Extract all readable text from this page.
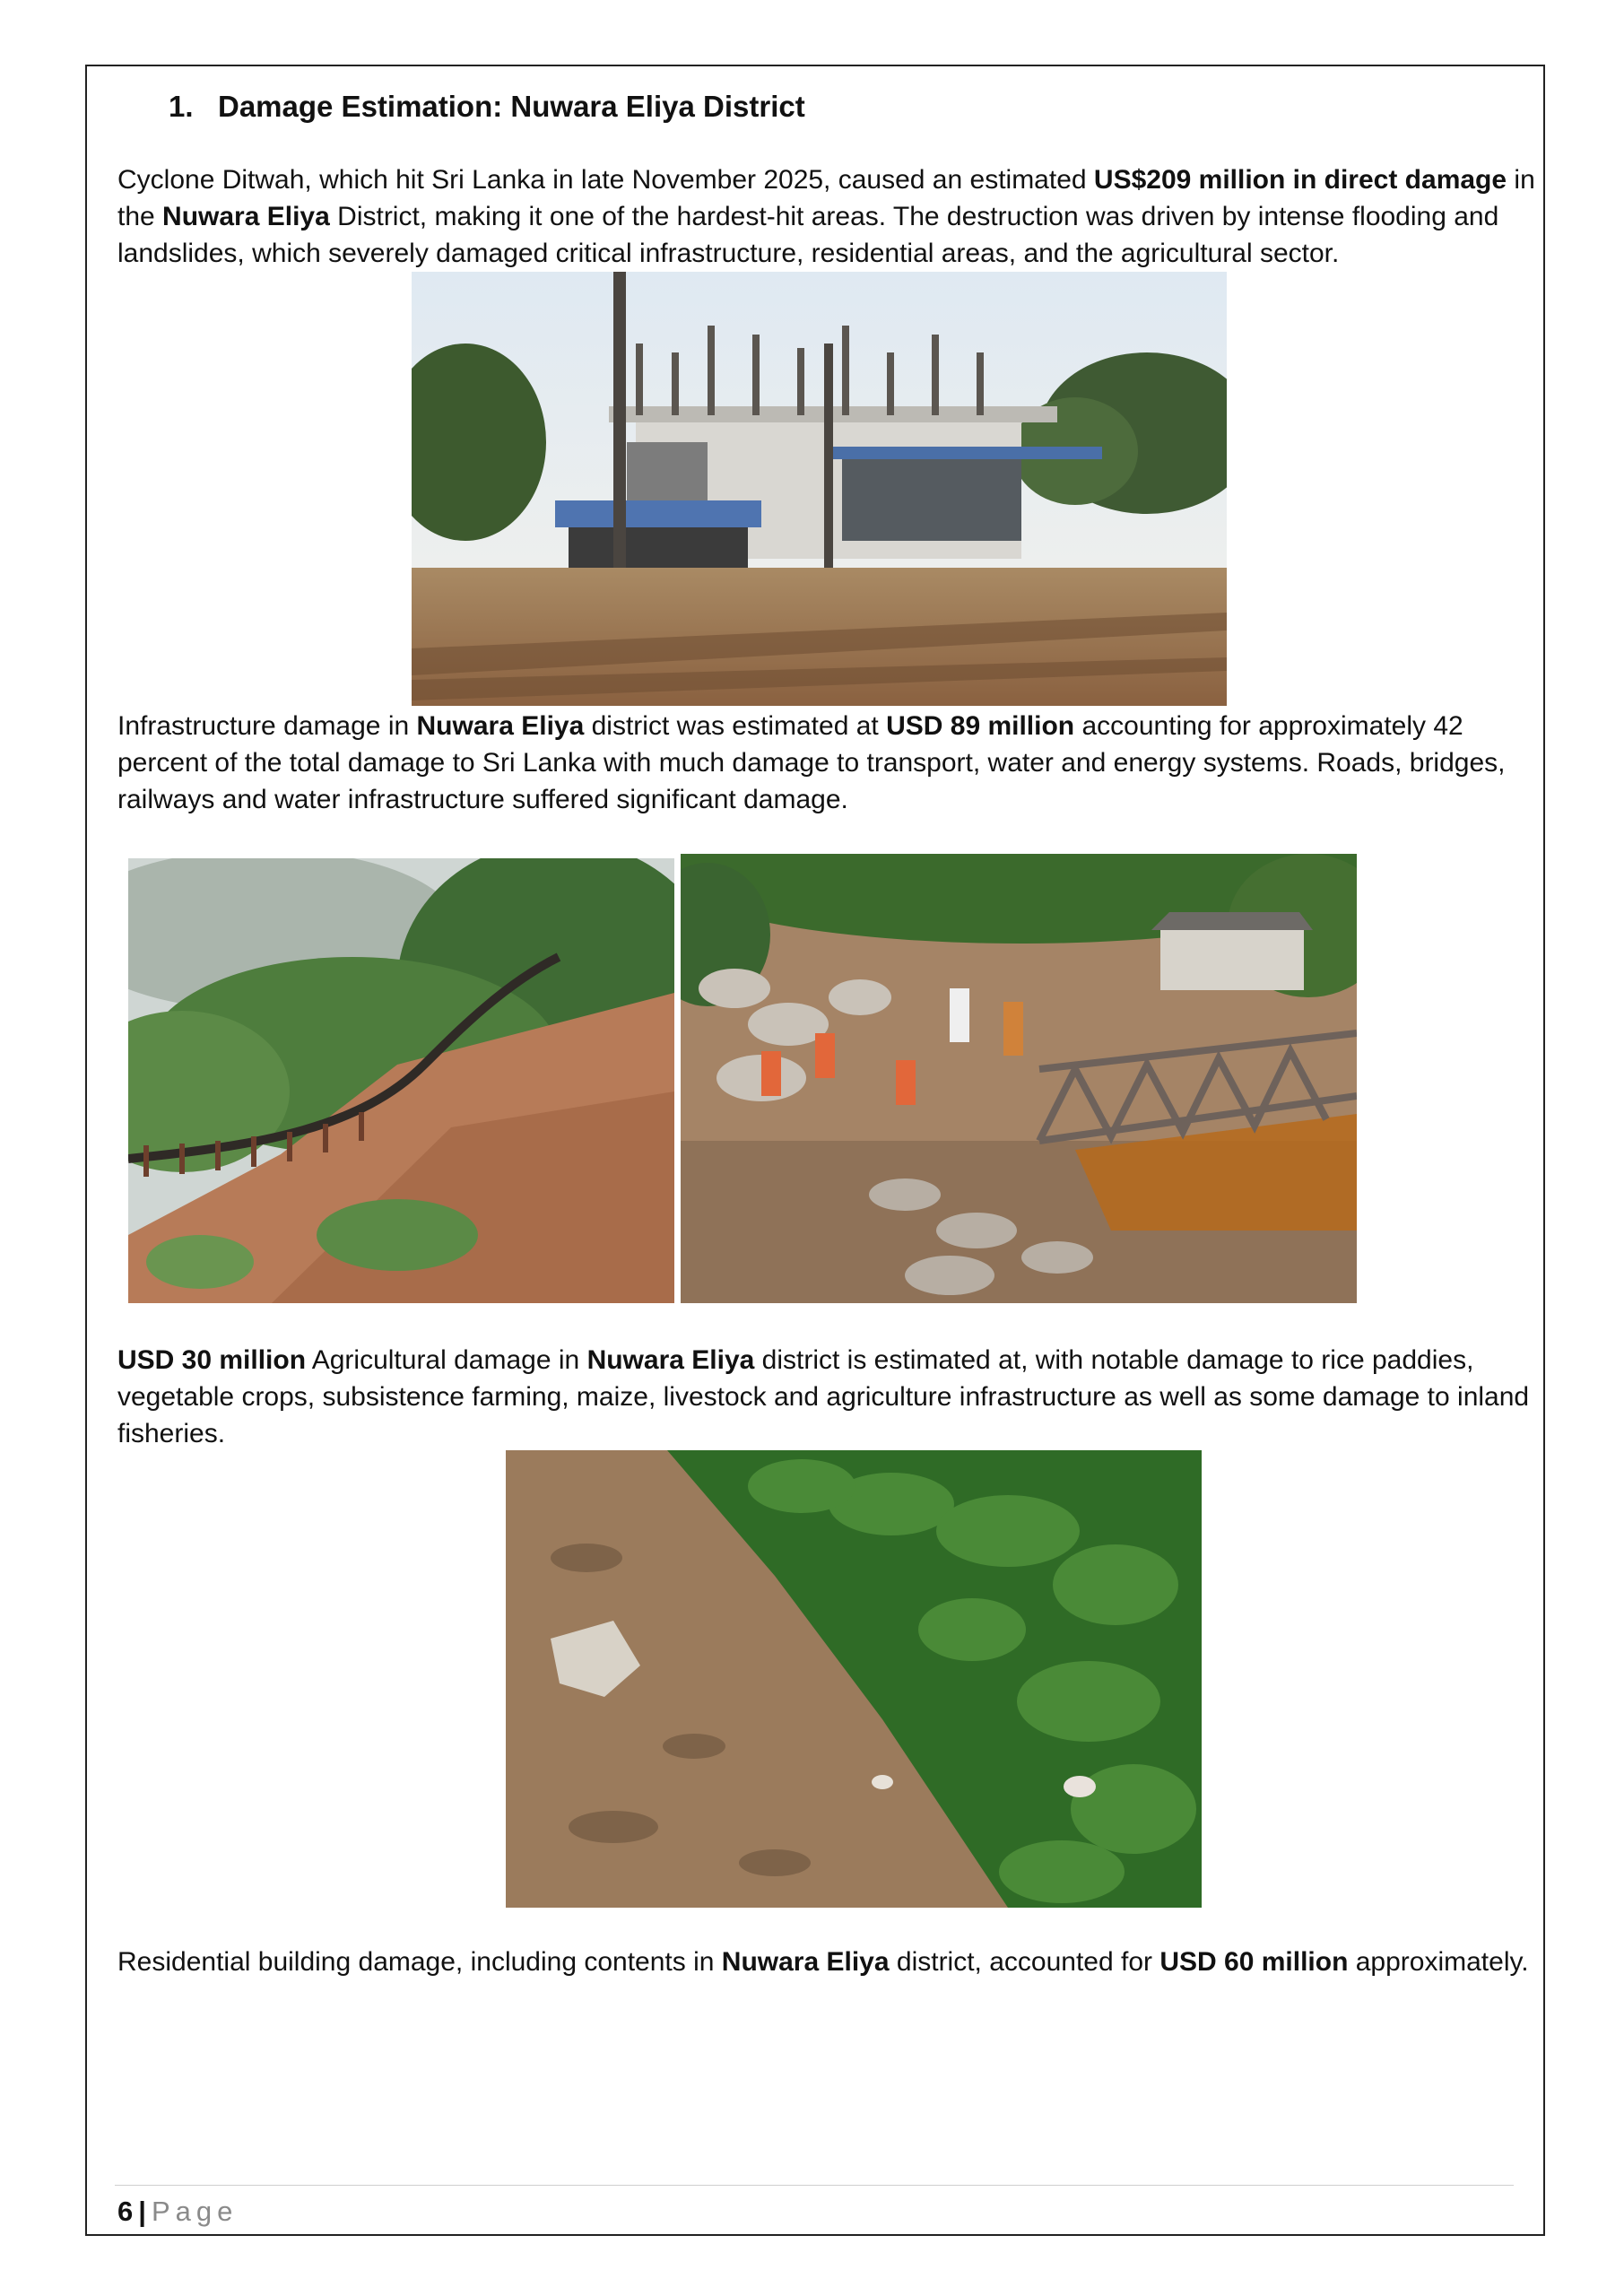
1. Damage Estimation: Nuwara Eliya District

Cyclone Ditwah, which hit Sri Lanka in late November 2025, caused an estimated US$209 million in direct damage in the Nuwara Eliya District, making it one of the hardest-hit areas. The destruction was driven by intense flooding and landslides, which severely damaged critical infrastructure, residential areas, and the agricultural sector.

Infrastructure damage in Nuwara Eliya district was estimated at USD 89 million accounting for approximately 42 percent of the total damage to Sri Lanka with much damage to transport, water and energy systems. Roads, bridges, railways and water infrastructure suffered significant damage.

USD 30 million Agricultural damage in Nuwara Eliya district is estimated at, with notable damage to rice paddies, vegetable crops, subsistence farming, maize, livestock and agriculture infrastructure as well as some damage to inland fisheries.

Residential building damage, including contents in Nuwara Eliya district, accounted for USD 60 million approximately.

6 | Page
